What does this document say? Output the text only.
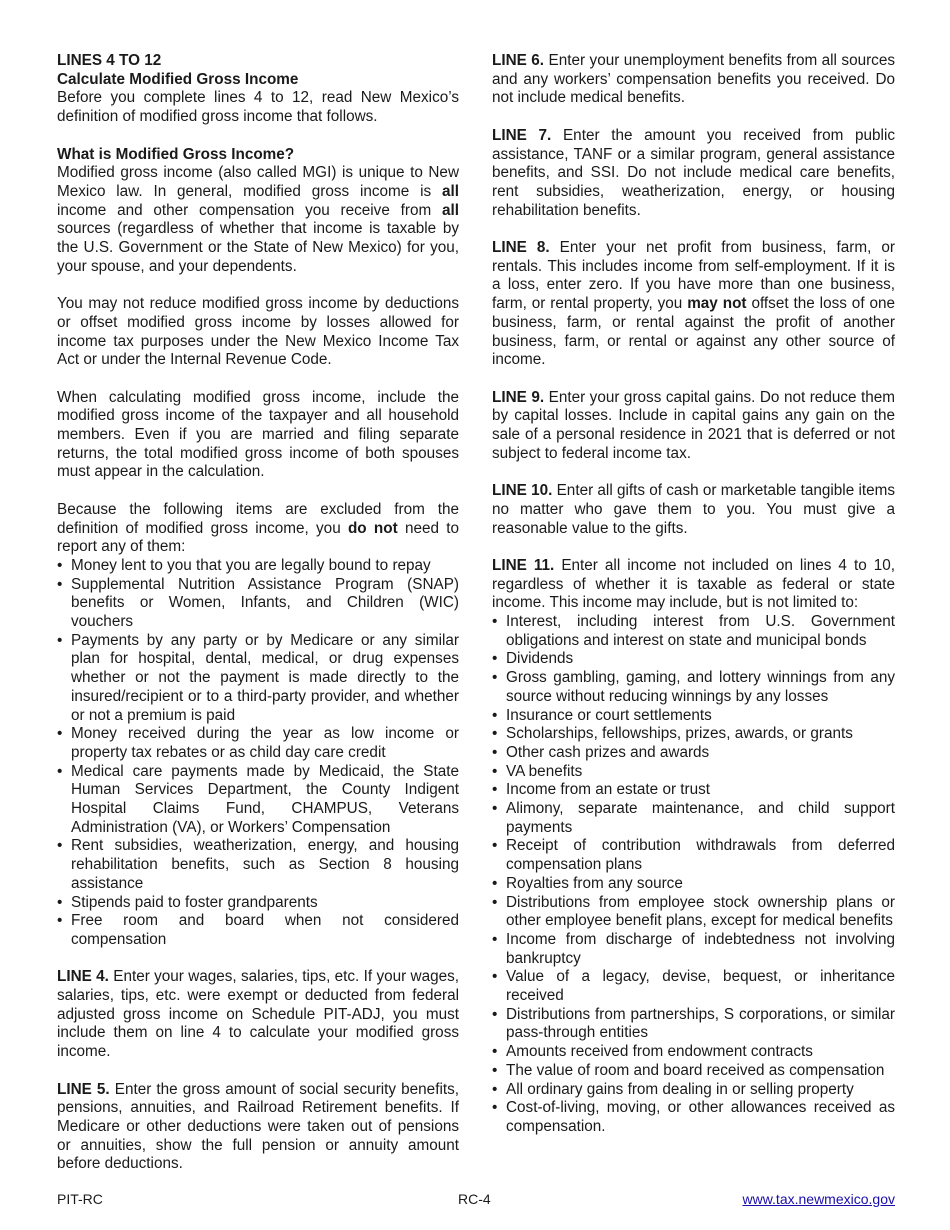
LINES 4 TO 12
Calculate Modified Gross Income

Before you complete lines 4 to 12, read New Mexico’s definition of modified gross income that follows.

What is Modified Gross Income?

Modified gross income (also called MGI) is unique to New Mexico law. In general, modified gross income is all income and other compensation you receive from all sources (regardless of whether that income is taxable by the U.S. Government or the State of New Mexico) for you, your spouse, and your dependents.

You may not reduce modified gross income by deductions or offset modified gross income by losses allowed for income tax purposes under the New Mexico Income Tax Act or under the Internal Revenue Code.

When calculating modified gross income, include the modified gross income of the taxpayer and all household members. Even if you are married and filing separate returns, the total modified gross income of both spouses must appear in the calculation.

Because the following items are excluded from the definition of modified gross income, you do not need to report any of them:

• Money lent to you that you are legally bound to repay
• Supplemental Nutrition Assistance Program (SNAP) benefits or Women, Infants, and Children (WIC) vouchers
• Payments by any party or by Medicare or any similar plan for hospital, dental, medical, or drug expenses whether or not the payment is made directly to the insured/recipient or to a third-party provider, and whether or not a premium is paid
• Money received during the year as low income or property tax rebates or as child day care credit
• Medical care payments made by Medicaid, the State Human Services Department, the County Indigent Hospital Claims Fund, CHAMPUS, Veterans Administration (VA), or Workers’ Compensation
• Rent subsidies, weatherization, energy, and housing rehabilitation benefits, such as Section 8 housing assistance
• Stipends paid to foster grandparents
• Free room and board when not considered compensation

LINE 4. Enter your wages, salaries, tips, etc. If your wages, salaries, tips, etc. were exempt or deducted from federal adjusted gross income on Schedule PIT-ADJ, you must include them on line 4 to calculate your modified gross income.

LINE 5. Enter the gross amount of social security benefits, pensions, annuities, and Railroad Retirement benefits. If Medicare or other deductions were taken out of pensions or annuities, show the full pension or annuity amount before deductions.

LINE 6. Enter your unemployment benefits from all sources and any workers’ compensation benefits you received. Do not include medical benefits.

LINE 7. Enter the amount you received from public assistance, TANF or a similar program, general assistance benefits, and SSI. Do not include medical care benefits, rent subsidies, weatherization, energy, or housing rehabilitation benefits.

LINE 8. Enter your net profit from business, farm, or rentals. This includes income from self-employment. If it is a loss, enter zero. If you have more than one business, farm, or rental property, you may not offset the loss of one business, farm, or rental against the profit of another business, farm, or rental or against any other source of income.

LINE 9. Enter your gross capital gains. Do not reduce them by capital losses. Include in capital gains any gain on the sale of a personal residence in 2021 that is deferred or not subject to federal income tax.

LINE 10. Enter all gifts of cash or marketable tangible items no matter who gave them to you. You must give a reasonable value to the gifts.

LINE 11. Enter all income not included on lines 4 to 10, regardless of whether it is taxable as federal or state income. This income may include, but is not limited to:

• Interest, including interest from U.S. Government obligations and interest on state and municipal bonds
• Dividends
• Gross gambling, gaming, and lottery winnings from any source without reducing winnings by any losses
• Insurance or court settlements
• Scholarships, fellowships, prizes, awards, or grants
• Other cash prizes and awards
• VA benefits
• Income from an estate or trust
• Alimony, separate maintenance, and child support payments
• Receipt of contribution withdrawals from deferred compensation plans
• Royalties from any source
• Distributions from employee stock ownership plans or other employee benefit plans, except for medical benefits
• Income from discharge of indebtedness not involving bankruptcy
• Value of a legacy, devise, bequest, or inheritance received
• Distributions from partnerships, S corporations, or similar pass-through entities
• Amounts received from endowment contracts
• The value of room and board received as compensation
• All ordinary gains from dealing in or selling property
• Cost-of-living, moving, or other allowances received as compensation.
PIT-RC	RC-4	www.tax.newmexico.gov
